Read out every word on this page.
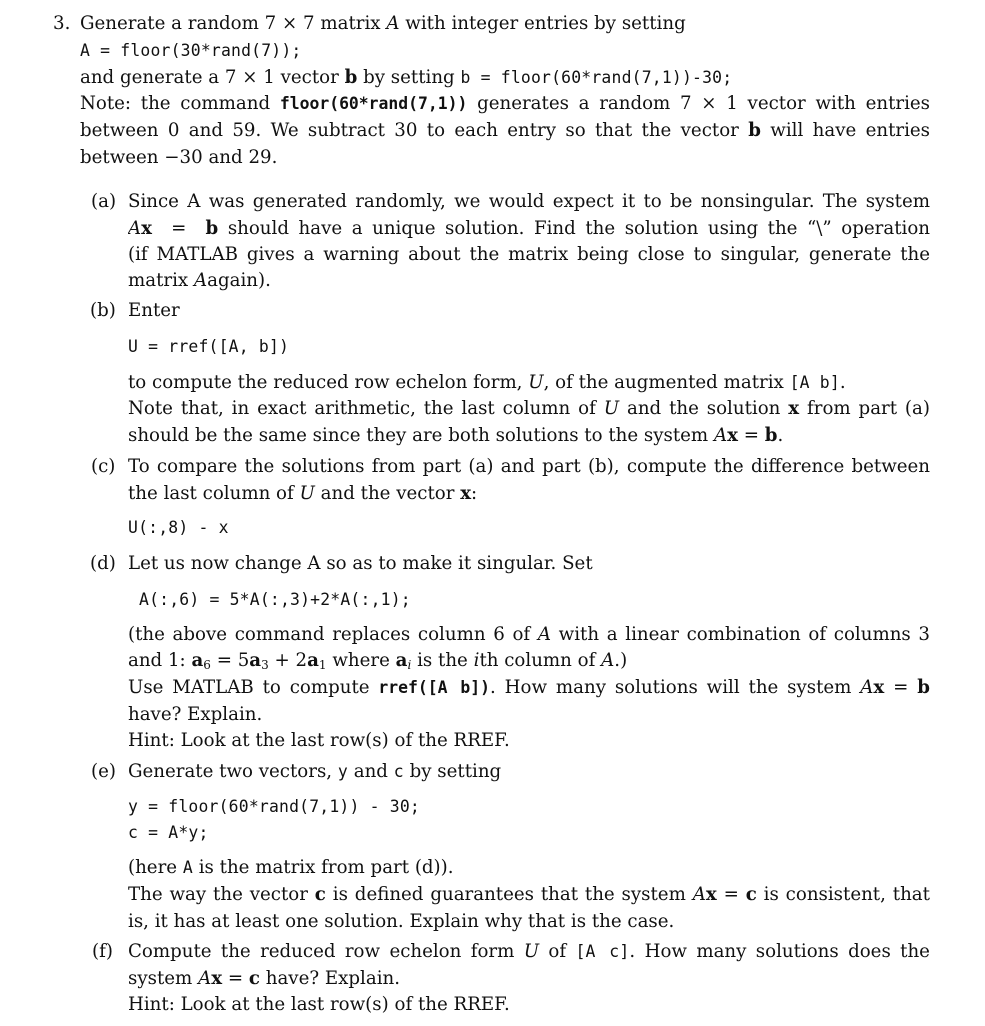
3. Generate a random 7 × 7 matrix A with integer entries by setting
A = floor(30*rand(7));
and generate a 7 × 1 vector b by setting b = floor(60*rand(7,1))-30;
Note: the command floor(60*rand(7,1)) generates a random 7 × 1 vector with entries
between 0 and 59. We subtract 30 to each entry so that the vector b will have entries
between −30 and 29.
(a) Since A was generated randomly, we would expect it to be nonsingular. The system
Ax  =  b should have a unique solution. Find the solution using the “\” operation
(if MATLAB gives a warning about the matrix being close to singular, generate the
matrix Aagain).
(b) Enter
U = rref([A, b])
to compute the reduced row echelon form, U, of the augmented matrix [A b].
Note that, in exact arithmetic, the last column of U and the solution x from part (a)
should be the same since they are both solutions to the system Ax = b.
(c) To compare the solutions from part (a) and part (b), compute the difference between
the last column of U and the vector x:
U(:,8) - x
(d) Let us now change A so as to make it singular. Set
A(:,6) = 5*A(:,3)+2*A(:,1);
(the above command replaces column 6 of A with a linear combination of columns 3
and 1: $a_6 = 5a_3 + 2a_1$ where $a_i$ is the ith column of A.)
Use MATLAB to compute rref([A b]). How many solutions will the system Ax = b
have? Explain.
Hint: Look at the last row(s) of the RREF.
(e) Generate two vectors, y and c by setting
y = floor(60*rand(7,1)) - 30;
c = A*y;
(here A is the matrix from part (d)).
The way the vector c is defined guarantees that the system Ax = c is consistent, that
is, it has at least one solution. Explain why that is the case.
(f) Compute the reduced row echelon form U of [A c]. How many solutions does the
system Ax = c have? Explain.
Hint: Look at the last row(s) of the RREF.
